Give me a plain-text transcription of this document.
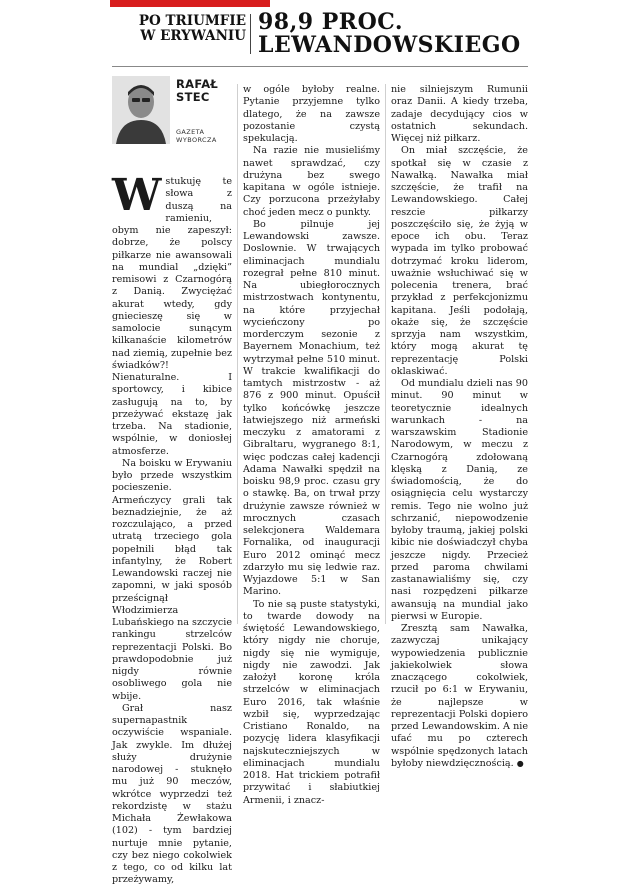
PO TRIUMFIE
W ERYWANIU
98,9 PROC.
LEWANDOWSKIEGO
RAFAŁ
STEC
GAZETA WYBORCZA

Wstukuję te słowa z duszą na ramieniu, obym nie zapeszył: dobrze, że polscy piłkarze nie awansowali na mundial „dzięki” remisowi z Czarnogórą z Danią. Zwyciężać akurat wtedy, gdy gniecieszę się w samolocie sunącym kilkanaście kilometrów nad ziemią, zupełnie bez świadków?! Nienaturalne. I sportowcy, i kibice zasługują na to, by przeżywać ekstazę jak trzeba. Na stadionie, wspólnie, w doniosłej atmosferze.

Na boisku w Erywaniu było przede wszystkim pocieszenie. Armeńczycy grali tak beznadziejnie, że aż rozczulająco, a przed utratą trzeciego gola popełnili błąd tak infantylny, że Robert Lewandowski raczej nie zapomni, w jaki sposób prześcignął Włodzimierza Lubańskiego na szczycie rankingu strzelców reprezentacji Polski. Bo prawdopodobnie już nigdy równie osobliwego gola nie wbije.

Grał nasz supernapastnik oczywiście wspaniale. Jak zwykle. Im dłużej służy drużynie narodowej - stuknęło mu już 90 meczów, wkrótce wyprzedzi też rekordzistę w stażu Michała Żewłakowa (102) - tym bardziej nurtuje mnie pytanie, czy bez niego cokolwiek z tego, co od kilku lat przeżywamy,

w ogóle byłoby realne. Pytanie przyjemne tylko dlatego, że na zawsze pozostanie czystą spekulacją.

Na razie nie musieliśmy nawet sprawdzać, czy drużyna bez swego kapitana w ogóle istnieje. Czy porzucona przeżyłaby choć jeden mecz o punkty.

Bo pilnuje jej Lewandowski zawsze. Doslownie. W trwających eliminacjach mundialu rozegrał pełne 810 minut. Na ubiegłorocznych mistrzostwach kontynentu, na które przyjechał wycieńczony po morderczym sezonie z Bayernem Monachium, też wytrzymał pełne 510 minut. W trakcie kwalifikacji do tamtych mistrzostw - aż 876 z 900 minut. Opuścił tylko końcówkę jeszcze łatwiejszego niż armeński meczyku z amatorami z Gibraltaru, wygranego 8:1, więc podczas całej kadencji Adama Nawałki spędził na boisku 98,9 proc. czasu gry o stawkę. Ba, on trwał przy drużynie zawsze również w mrocznych czasach selekcjonera Waldemara Fornalika, od inauguracji Euro 2012 ominąć mecz zdarzyło mu się ledwie raz. Wyjazdowe 5:1 w San Marino.

To nie są puste statystyki, to twarde dowody na świętość Lewandowskiego, który nigdy nie choruje, nigdy się nie wymiguje, nigdy nie zawodzi. Jak założył koronę króla strzelców w eliminacjach Euro 2016, tak właśnie wzbił się, wyprzedzając Cristiano Ronaldo, na pozycję lidera klasyfikacji najskuteczniejszych w eliminacjach mundialu 2018. Hat trickiem potrafił przywitać i słabiutkiej Armenii, i znacz-

nie silniejszym Rumunii oraz Danii. A kiedy trzeba, zadaje decydujący cios w ostatnich sekundach. Więcej niż piłkarz.

On miał szczęście, że spotkał się w czasie z Nawałką. Nawałka miał szczęście, że trafił na Lewandowskiego. Całej reszcie piłkarzy poszczęściło się, że żyją w epoce ich obu. Teraz wypada im tylko probować dotrzymać kroku liderom, uważnie wsłuchiwać się w polecenia trenera, brać przykład z perfekcjonizmu kapitana. Jeśli podołają, okaże się, że szczęście sprzyja nam wszystkim, który mogą akurat tę reprezentację Polski oklaskiwać.

Od mundialu dzieli nas 90 minut. 90 minut w teoretycznie idealnych warunkach - na warszawskim Stadionie Narodowym, w meczu z Czarnogórą zdołowaną klęską z Danią, ze świadomością, że do osiągnięcia celu wystarczy remis. Tego nie wolno już schrzanić, niepowodzenie byłoby traumą, jakiej polski kibic nie doświadczył chyba jeszcze nigdy. Przecież przed paroma chwilami zastanawialiśmy się, czy nasi rozpędzeni piłkarze awansują na mundial jako pierwsi w Europie.

Zresztą sam Nawałka, zazwyczaj unikający wypowiedzenia publicznie jakiekolwiek słowa znaczącego cokolwiek, rzucił po 6:1 w Erywaniu, że najlepsze w reprezentacji Polski dopiero przed Lewandowskim. A nie ufać mu po czterech wspólnie spędzonych latach byłoby niewdzięcznością. ●
